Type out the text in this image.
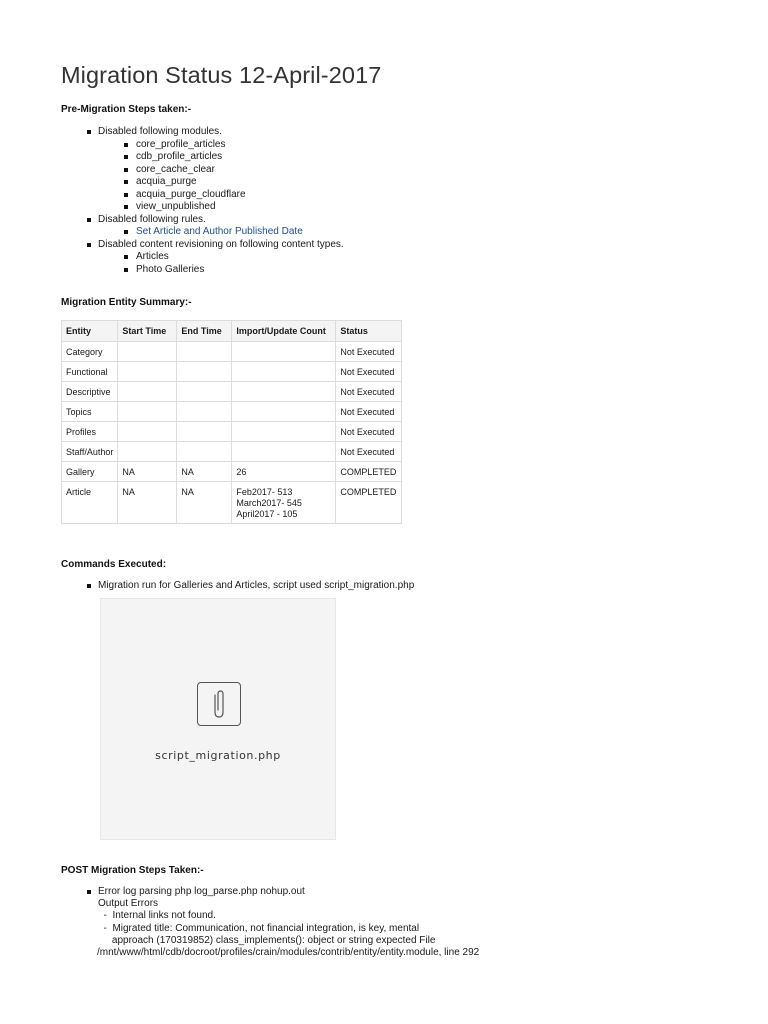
Migration Status 12-April-2017
Pre-Migration Steps taken:-
Disabled following modules.
core_profile_articles
cdb_profile_articles
core_cache_clear
acquia_purge
acquia_purge_cloudflare
view_unpublished
Disabled following rules.
Set Article and Author Published Date
Disabled content revisioning on following content types.
Articles
Photo Galleries
Migration Entity Summary:-
Entity	Start Time	End Time	Import/Update Count	Status
Category				Not Executed
Functional				Not Executed
Descriptive				Not Executed
Topics				Not Executed
Profiles				Not Executed
Staff/Author				Not Executed
Gallery	NA	NA	26	COMPLETED
Article	NA	NA	Feb2017- 513
March2017- 545
April2017 - 105	COMPLETED
Commands Executed:
Migration run for Galleries and Articles, script used script_migration.php
script_migration.php
POST Migration Steps Taken:-
Error log parsing php log_parse.php nohup.out
Output Errors
-  Internal links not found.
-  Migrated title: Communication, not financial integration, is key, mental
approach (170319852) class_implements(): object or string expected File
/mnt/www/html/cdb/docroot/profiles/crain/modules/contrib/entity/entity.module, line 292
